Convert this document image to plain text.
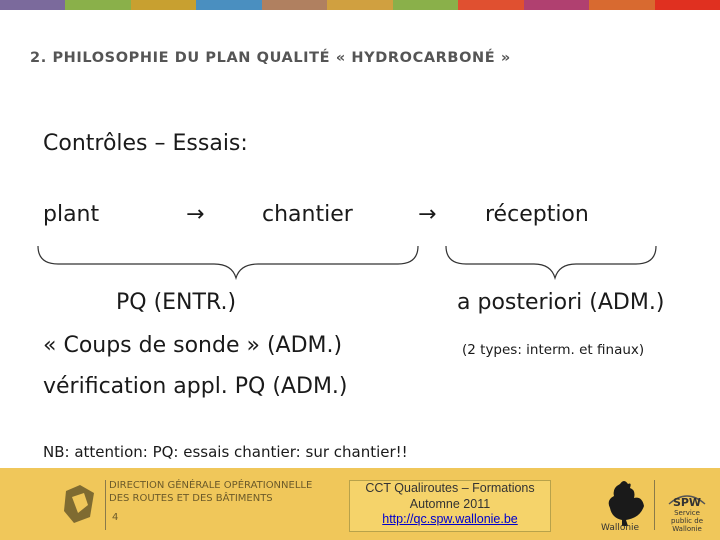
2. PHILOSOPHIE DU PLAN QUALITÉ « HYDROCARBONÉ »
Contrôles – Essais:
plant	→	chantier	→ réception
PQ (ENTR.)
« Coups de sonde » (ADM.)
vérification appl. PQ (ADM.)
a posteriori (ADM.)
(2 types: interm. et finaux)
NB: attention: PQ: essais chantier: sur chantier!!
DIRECTION GÉNÉRALE OPÉRATIONNELLE
DES ROUTES ET DES BÂTIMENTS
4
CCT Qualiroutes – Formations
Automne 2011
http://qc.spw.wallonie.be
Wallonie
SPW
Service public de Wallonie
